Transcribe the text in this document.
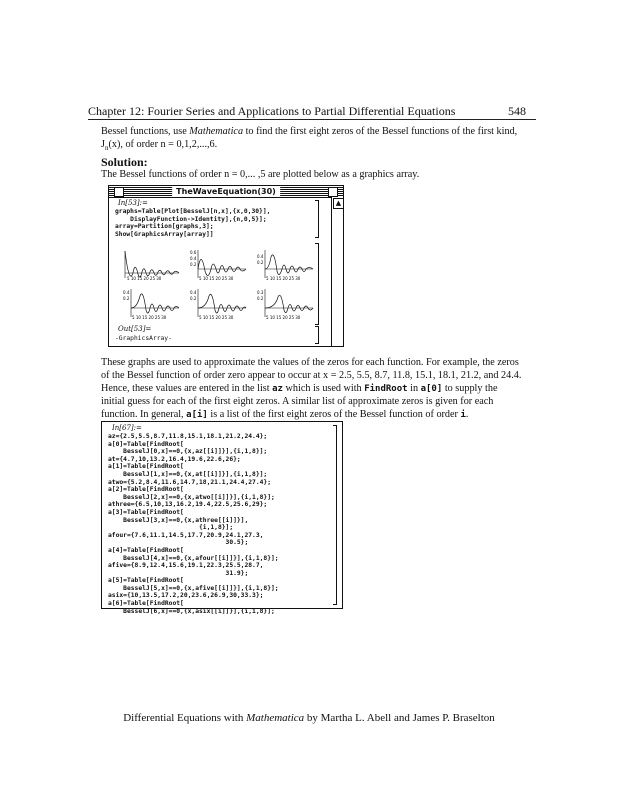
Chapter 12: Fourier Series and Applications to Partial Differential Equations	548
Bessel functions, use Mathematica to find the first eight zeros of the Bessel functions of the first kind,
$J_n(x)$, of order n = 0,1,2,...,6.
Solution:
The Bessel functions of order n = 0,... ,5 are plotted below as a graphics array.
TheWaveEquation(30)
▲
In[53]:=
graphs=Table[Plot[BesselJ[n,x],{x,0,30}],
DisplayFunction->Identity],{n,0,5}];
array=Partition[graphs,3];
Show[GraphicsArray[array]]
5 10 15 20 25 30
0.6
0.4
0.2
5 10 15 20 25 30
0.4
0.2
5 10 15 20 25 30
0.4
0.2
5 10 15 20 25 30
0.4
0.2
5 10 15 20 25 30
0.3
0.2
5 10 15 20 25 30
Out[53]=
-GraphicsArray-
These graphs are used to approximate the values of the zeros for each function. For example, the zeros
of the Bessel function of order zero appear to occur at x = 2.5, 5.5, 8.7, 11.8, 15.1, 18.1, 21.2, and 24.4.
Hence, these values are entered in the list az which is used with FindRoot in a[0] to supply the
initial guess for each of the first eight zeros. A similar list of approximate zeros is given for each
function. In general, a[i] is a list of the first eight zeros of the Bessel function of order i.
In[67]:=
az={2.5,5.5,8.7,11.8,15.1,18.1,21.2,24.4};
a[0]=Table[FindRoot[
BesselJ[0,x]==0,{x,az[[i]]}],{i,1,8}];
at={4.7,10,13.2,16.4,19.6,22.6,26};
a[1]=Table[FindRoot[
BesselJ[1,x]==0,{x,at[[i]]}],{i,1,8}];
atwo={5.2,8.4,11.6,14.7,18,21.1,24.4,27.4};
a[2]=Table[FindRoot[
BesselJ[2,x]==0,{x,atwo[[i]]}],{i,1,8}];
athree={6.5,10,13,16.2,19.4,22.5,25.6,29};
a[3]=Table[FindRoot[
BesselJ[3,x]==0,{x,athree[[i]]}],
{i,1,8}];
afour={7.6,11.1,14.5,17.7,20.9,24.1,27.3,
30.5};
a[4]=Table[FindRoot[
BesselJ[4,x]==0,{x,afour[[i]]}],{i,1,8}];
afive={8.9,12.4,15.6,19.1,22.3,25.5,28.7,
31.9};
a[5]=Table[FindRoot[
BesselJ[5,x]==0,{x,afive[[i]]}],{i,1,8}];
asix={10,13.5,17.2,20,23.6,26.9,30,33.3};
a[6]=Table[FindRoot[
BesselJ[6,x]==0,{x,asix[[i]]}],{i,1,8}];
Differential Equations with Mathematica by Martha L. Abell and James P. Braselton
